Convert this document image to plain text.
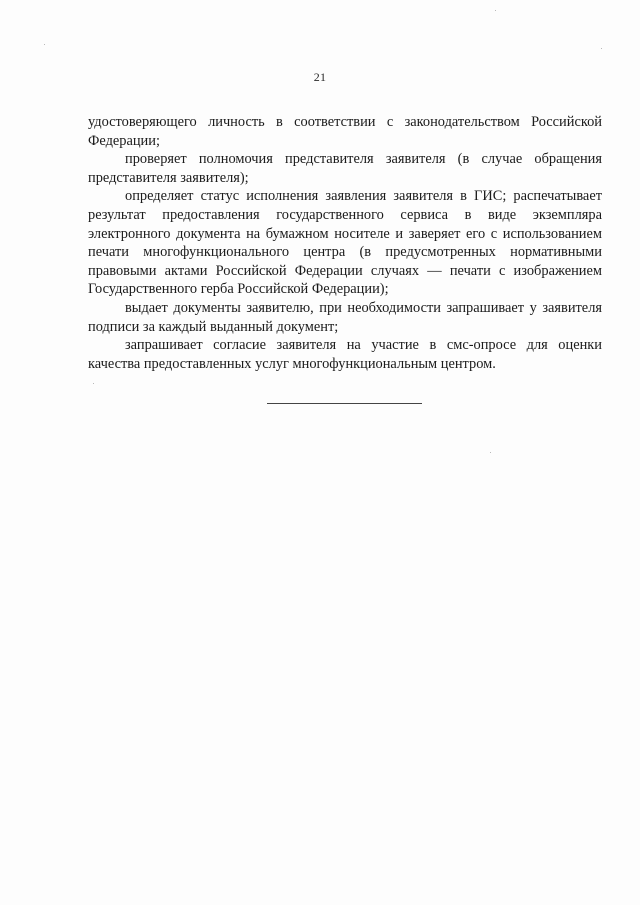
21

удостоверяющего личность в соответствии с законодательством Российской Федерации;

проверяет полномочия представителя заявителя (в случае обращения представителя заявителя);

определяет статус исполнения заявления заявителя в ГИС; распечатывает результат предоставления государственного сервиса в виде экземпляра электронного документа на бумажном носителе и заверяет его с использованием печати многофункционального центра (в предусмотренных нормативными правовыми актами Российской Федерации случаях — печати с изображением Государственного герба Российской Федерации);

выдает документы заявителю, при необходимости запрашивает у заявителя подписи за каждый выданный документ;

запрашивает согласие заявителя на участие в смс-опросе для оценки качества предоставленных услуг многофункциональным центром.
